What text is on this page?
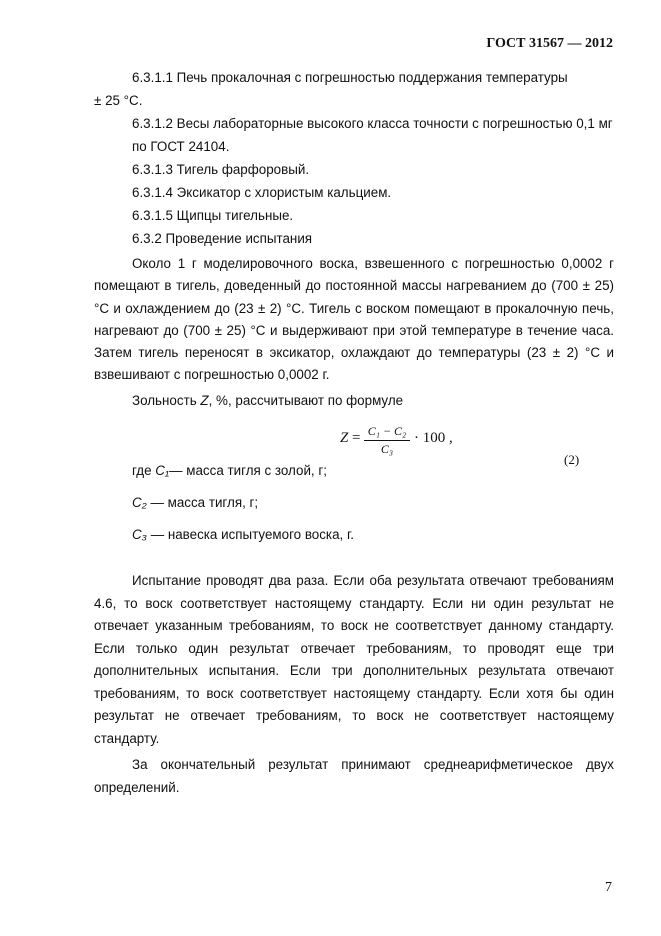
ГОСТ 31567 — 2012
6.3.1.1 Печь прокалочная с погрешностью поддержания температуры
± 25 °С.
6.3.1.2 Весы лабораторные высокого класса точности с погрешностью 0,1 мг
по ГОСТ 24104.
6.3.1.3 Тигель фарфоровый.
6.3.1.4 Эксикатор с хлористым кальцием.
6.3.1.5 Щипцы тигельные.
6.3.2 Проведение испытания
Около 1 г моделировочного воска, взвешенного с погрешностью 0,0002 г помещают в тигель, доведенный до постоянной массы нагреванием до (700 ± 25) °С и охлаждением до (23 ± 2) °С. Тигель с воском помещают в прокалочную печь, нагревают до (700 ± 25) °С и выдерживают при этой температуре в течение часа. Затем тигель переносят в эксикатор, охлаждают до температуры (23 ± 2) °С и взвешивают с погрешностью 0,0002 г.
Зольность Z, %, рассчитывают по формуле
$Z = \frac{\text{C₁ − C₂}}{\text{C₃}} \cdot 100$ ,
(2)
где C₁— масса тигля с золой, г;
C₂ — масса тигля, г;
C₃ — навеска испытуемого воска, г.
Испытание проводят два раза. Если оба результата отвечают требованиям 4.6, то воск соответствует настоящему стандарту. Если ни один результат не отвечает указанным требованиям, то воск не соответствует данному стандарту. Если только один результат отвечает требованиям, то проводят еще три дополнительных испытания. Если три дополнительных результата отвечают требованиям, то воск соответствует настоящему стандарту. Если хотя бы один результат не отвечает требованиям, то воск не соответствует настоящему стандарту.
За окончательный результат принимают среднеарифметическое двух определений.
7
